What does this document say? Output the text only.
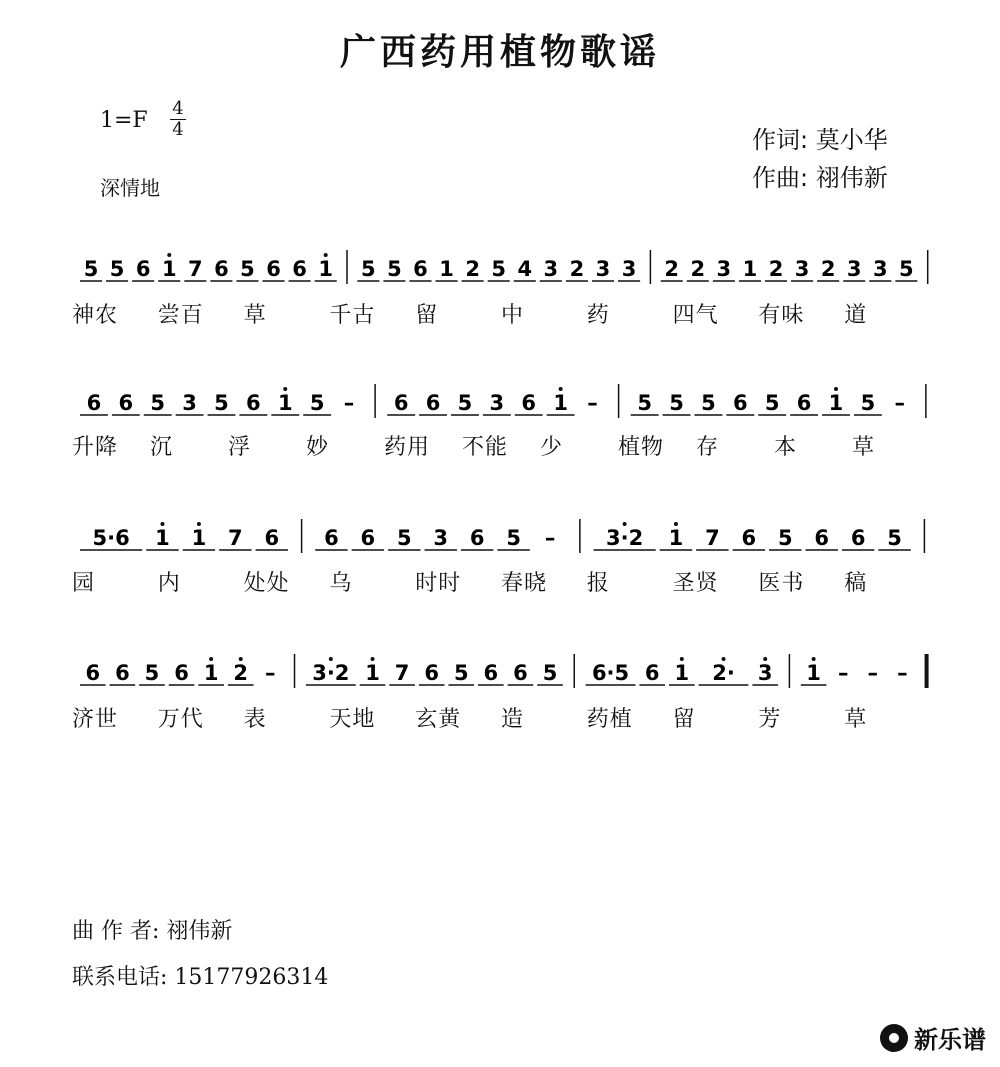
广西药用植物歌谣
1=F 4
4
深情地
作词: 莫小华
作曲: 祤伟新
5 5 6 1 7 6 5 6 6 1 5 5 6 1 2 5 4 3 2 3 3 2 2 3 1 2 3 2 3 3 5
6 6 5 3 5 6 1 5 – 6 6 5 3 6 1 – 5 5 5 6 5 6 1 5 –
5·6 1 1 7 6 6 6 5 3 6 5 – 3·2 1 7 6 5 6 6 5
6 6 5 6 1 2 – 3·2 1 7 6 5 6 6 5 6·5 6 1 2· 3 1 – – –
神农 尝百 草	千古 留	中	药	四气 有味 道
升降 沉 浮 妙 药用 不能 少 植物 存 本 草
园	内	处处 乌	时时 春晓 报	圣贤 医书 稿
济世 万代 表	天地 玄黄 造	药植 留	芳	草
曲 作 者: 祤伟新
联系电话: 15177926314
新乐谱
